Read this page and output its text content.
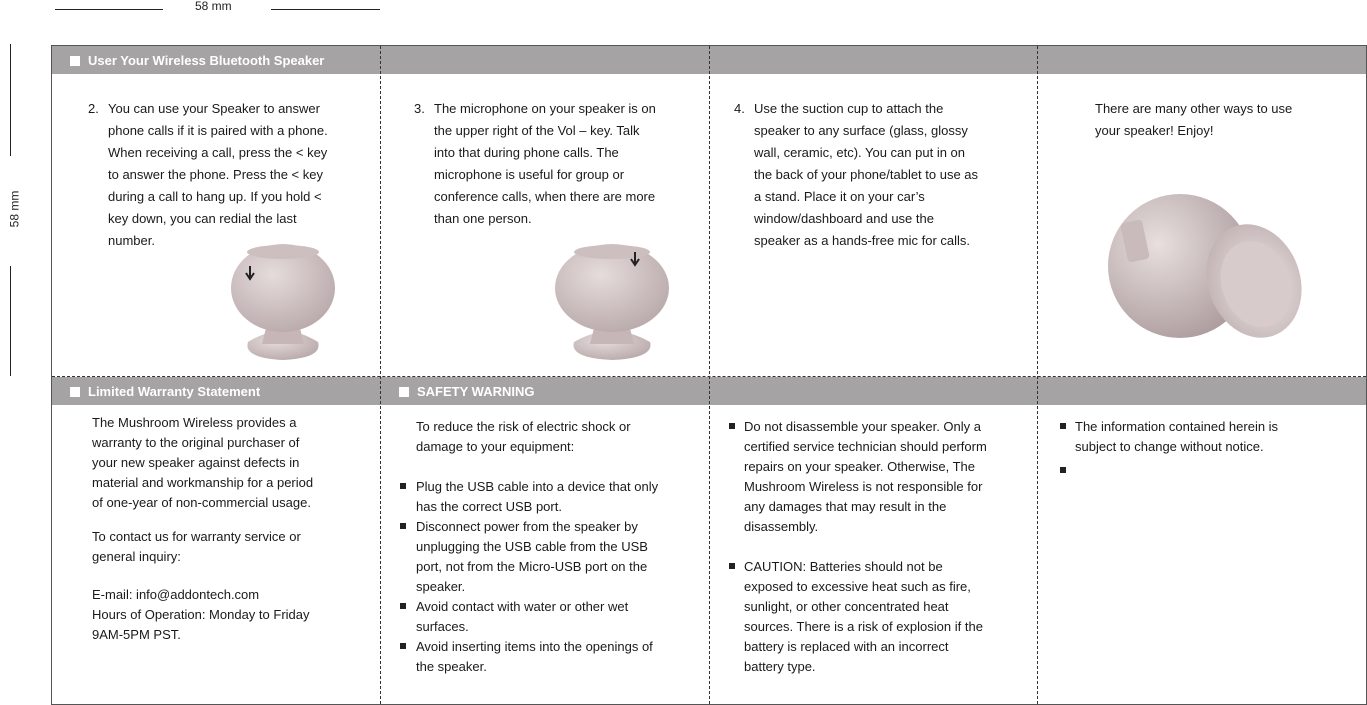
58 mm
58 mm
User Your Wireless Bluetooth Speaker
Limited Warranty Statement	SAFETY WARNING
2. You can use your Speaker to answer
phone calls if it is paired with a phone.
When receiving a call, press the < key
to answer the phone. Press the < key
during a call to hang up. If you hold <
key down, you can redial the last
number.
3. The microphone on your speaker is on
the upper right of the Vol – key. Talk
into that during phone calls. The
microphone is useful for group or
conference calls, when there are more
than one person.
4. Use the suction cup to attach the
speaker to any surface (glass, glossy
wall, ceramic, etc). You can put in on
the back of your phone/tablet to use as
a stand. Place it on your car’s
window/dashboard and use the
speaker as a hands-free mic for calls.
There are many other ways to use
your speaker! Enjoy!
The Mushroom Wireless provides a
warranty to the original purchaser of
your new speaker against defects in
material and workmanship for a period
of one-year of non-commercial usage.
To contact us for warranty service or
general inquiry:
E-mail: info@addontech.com
Hours of Operation: Monday to Friday
9AM-5PM PST.
To reduce the risk of electric shock or
damage to your equipment:
Plug the USB cable into a device that only
has the correct USB port.
Disconnect power from the speaker by
unplugging the USB cable from the USB
port, not from the Micro-USB port on the
speaker.
Avoid contact with water or other wet
surfaces.
Avoid inserting items into the openings of
the speaker.
Do not disassemble your speaker. Only a
certified service technician should perform
repairs on your speaker. Otherwise, The
Mushroom Wireless is not responsible for
any damages that may result in the
disassembly.
CAUTION: Batteries should not be
exposed to excessive heat such as fire,
sunlight, or other concentrated heat
sources. There is a risk of explosion if the
battery is replaced with an incorrect
battery type.
The information contained herein is
subject to change without notice.
